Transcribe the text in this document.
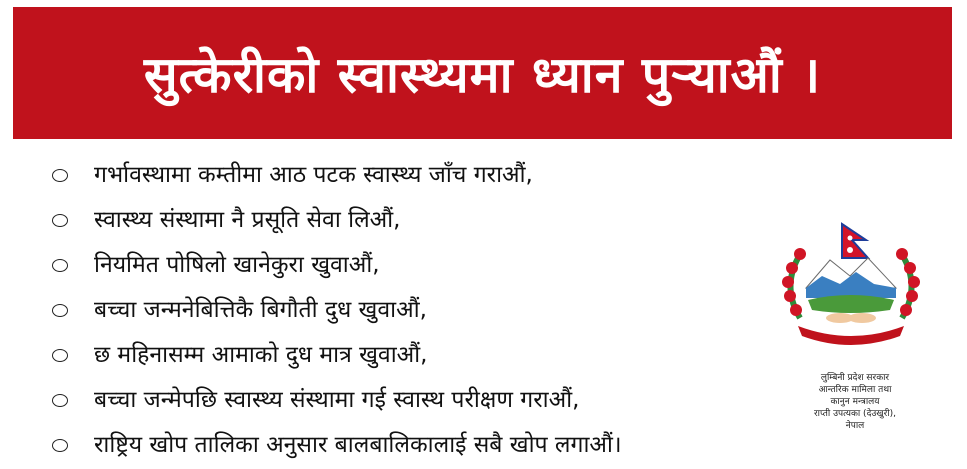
सुत्केरीको स्वास्थ्यमा ध्यान पुऱ्याऔं ।
गर्भावस्थामा कम्तीमा आठ पटक स्वास्थ्य जाँच गराऔं,
स्वास्थ्य संस्थामा नै प्रसूति सेवा लिऔं,
नियमित पोषिलो खानेकुरा खुवाऔं,
बच्चा जन्मनेबित्तिकै बिगौती दुध खुवाऔं,
छ महिनासम्म आमाको दुध मात्र खुवाऔं,
बच्चा जन्मेपछि स्वास्थ्य संस्थामा गई स्वास्थ परीक्षण गराऔं,
राष्ट्रिय खोप तालिका अनुसार बालबालिकालाई सबै खोप लगाऔं।
लुम्बिनी प्रदेश सरकार
आन्तरिक मामिला तथा
कानुन मन्त्रालय
राप्ती उपत्यका (देउखुरी),
नेपाल
